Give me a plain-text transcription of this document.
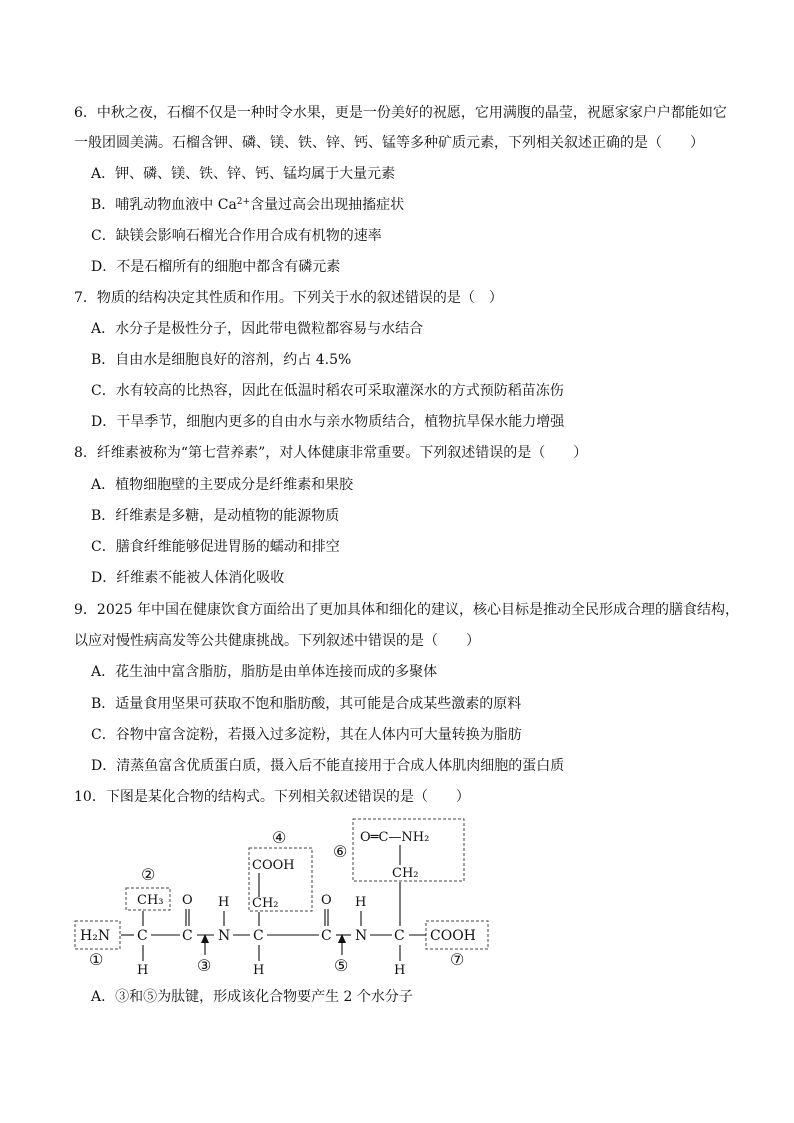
6．中秋之夜，石榴不仅是一种时令水果，更是一份美好的祝愿，它用满腹的晶莹，祝愿家家户户都能如它
一般团圆美满。石榴含钾、磷、镁、铁、锌、钙、锰等多种矿质元素，下列相关叙述正确的是（　　）
A．钾、磷、镁、铁、锌、钙、锰均属于大量元素
B．哺乳动物血液中 $Ca^{2+}$含量过高会出现抽搐症状
C．缺镁会影响石榴光合作用合成有机物的速率
D．不是石榴所有的细胞中都含有磷元素
7．物质的结构决定其性质和作用。下列关于水的叙述错误的是（　）
A．水分子是极性分子，因此带电微粒都容易与水结合
B．自由水是细胞良好的溶剂，约占 4.5%
C．水有较高的比热容，因此在低温时稻农可采取灌深水的方式预防稻苗冻伤
D．干旱季节，细胞内更多的自由水与亲水物质结合，植物抗旱保水能力增强
8．纤维素被称为“第七营养素”，对人体健康非常重要。下列叙述错误的是（　　）
A．植物细胞壁的主要成分是纤维素和果胶
B．纤维素是多糖，是动植物的能源物质
C．膳食纤维能够促进胃肠的蠕动和排空
D．纤维素不能被人体消化吸收
9．2025 年中国在健康饮食方面给出了更加具体和细化的建议，核心目标是推动全民形成合理的膳食结构，
以应对慢性病高发等公共健康挑战。下列叙述中错误的是（　　）
A．花生油中富含脂肪，脂肪是由单体连接而成的多聚体
B．适量食用坚果可获取不饱和脂肪酸，其可能是合成某些激素的原料
C．谷物中富含淀粉，若摄入过多淀粉，其在人体内可大量转换为脂肪
D．清蒸鱼富含优质蛋白质，摄入后不能直接用于合成人体肌肉细胞的蛋白质
10．下图是某化合物的结构式。下列相关叙述错误的是（　　）
H₂N C
CH₃
H
O
C N
H
C
H
CH₂
COOH
O
C N
H
C
H
CH₂
O═C—NH₂
COOH
①
②
③
④
⑤
⑥
⑦
A．③和⑤为肽键，形成该化合物要产生 2 个水分子
